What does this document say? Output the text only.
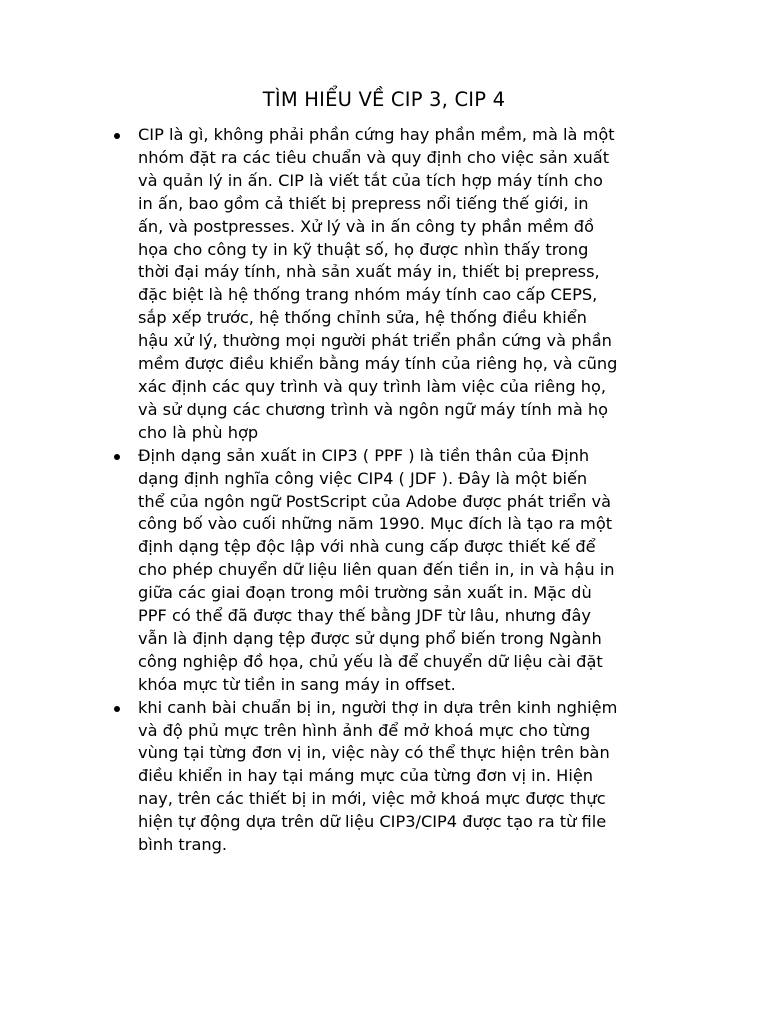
TÌM HIỂU VỀ CIP 3, CIP 4
CIP là gì, không phải phần cứng hay phần mềm, mà là một
nhóm đặt ra các tiêu chuẩn và quy định cho việc sản xuất
và quản lý in ấn. CIP là viết tắt của tích hợp máy tính cho
in ấn, bao gồm cả thiết bị prepress nổi tiếng thế giới, in
ấn, và postpresses. Xử lý và in ấn công ty phần mềm đồ
họa cho công ty in kỹ thuật số, họ được nhìn thấy trong
thời đại máy tính, nhà sản xuất máy in, thiết bị prepress,
đặc biệt là hệ thống trang nhóm máy tính cao cấp CEPS,
sắp xếp trước, hệ thống chỉnh sửa, hệ thống điều khiển
hậu xử lý, thường mọi người phát triển phần cứng và phần
mềm được điều khiển bằng máy tính của riêng họ, và cũng
xác định các quy trình và quy trình làm việc của riêng họ,
và sử dụng các chương trình và ngôn ngữ máy tính mà họ
cho là phù hợp
Định dạng sản xuất in CIP3 ( PPF ) là tiền thân của Định
dạng định nghĩa công việc CIP4 ( JDF ). Đây là một biến
thể của ngôn ngữ PostScript của Adobe được phát triển và
công bố vào cuối những năm 1990. Mục đích là tạo ra một
định dạng tệp độc lập với nhà cung cấp được thiết kế để
cho phép chuyển dữ liệu liên quan đến tiền in, in và hậu in
giữa các giai đoạn trong môi trường sản xuất in. Mặc dù
PPF có thể đã được thay thế bằng JDF từ lâu, nhưng đây
vẫn là định dạng tệp được sử dụng phổ biến trong Ngành
công nghiệp đồ họa, chủ yếu là để chuyển dữ liệu cài đặt
khóa mực từ tiền in sang máy in offset.
khi canh bài chuẩn bị in, người thợ in dựa trên kinh nghiệm
và độ phủ mực trên hình ảnh để mở khoá mực cho từng
vùng tại từng đơn vị in, việc này có thể thực hiện trên bàn
điều khiển in hay tại máng mực của từng đơn vị in. Hiện
nay, trên các thiết bị in mới, việc mở khoá mực được thực
hiện tự động dựa trên dữ liệu CIP3/CIP4 được tạo ra từ file
bình trang.
